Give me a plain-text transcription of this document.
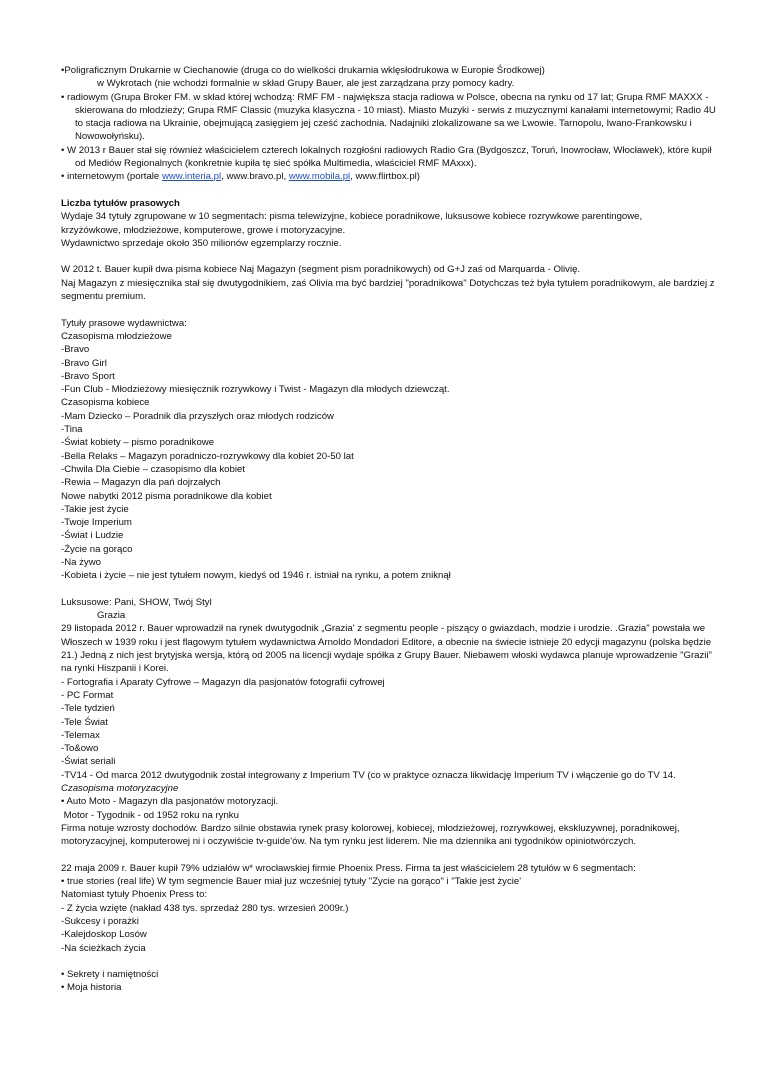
•Poligraficznym Drukarnie w Ciechanowie (druga co do wielkości drukarnia wklęsłodrukowa w Europie Środkowej)
w Wykrotach (nie wchodzi formalnie w skład Grupy Bauer, ale jest zarządzana przy pomocy kadry.
• radiowym (Grupa Broker FM. w skład której wchodzą: RMF FM - największa stacja radiowa w Polsce, obecna na rynku od 17 lat; Grupa RMF MAXXX - skierowana do młodzieży; Grupa RMF Classic (muzyka klasyczna - 10 miast). Miasto Muzyki - serwis z muzycznymi kanałami internetowymi; Radio 4U to stacja radiowa na Ukrainie, obejmującą zasięgiem jej cześć zachodnia. Nadajniki zlokalizowane sa we Lwowie. Tarnopolu, Iwano-Frankowsku i Nowowołyńsku).
• W 2013 r Bauer stał się również właścicielem czterech lokalnych rozgłośni radiowych Radio Gra (Bydgoszcz, Toruń, Inowrocław, Włocławek), które kupił od Mediów Regionalnych (konkretnie kupiła tę sieć spółka Multimedia, właściciel RMF MAxxx).
• internetowym (portale www.interia.pl, www.bravo.pl, www.mobila.pl, www.flirtbox.pl)
Liczba tytułów prasowych
Wydaje 34 tytuły zgrupowane w 10 segmentach: pisma telewizyjne, kobiece poradnikowe, luksusowe kobiece rozrywkowe parentingowe,
krzyżówkowe, młodzieżowe, komputerowe, growe i motoryzacyjne.
Wydawnictwo sprzedaje około 350 milionów egzemplarzy rocznie.
W 2012 t. Bauer kupił dwa pisma kobiece Naj Magazyn (segment pism poradnikowych) od G+J zaś od Marquarda - Olivię.
Naj Magazyn z miesięcznika stał się dwutygodnikiem, zaś Olivia ma być bardziej "poradnikowa" Dotychczas też była tytułem poradnikowym, ale bardziej z segmentu premium.
Tytuły prasowe wydawnictwa:
Czasopisma młodzieżowe
-Bravo
-Bravo Girl
-Bravo Sport
-Fun Club - Młodzieżowy miesięcznik rozrywkowy i Twist - Magazyn dla młodych dziewcząt.
Czasopisma kobiece
-Mam Dziecko – Poradnik dla przyszłych oraz młodych rodziców
-Tina
-Świat kobiety – pismo poradnikowe
-Bella Relaks – Magazyn poradniczo-rozrywkowy dla kobiet 20-50 lat
-Chwila Dla Ciebie – czasopismo dla kobiet
-Rewia – Magazyn dla pań dojrzałych
Nowe nabytki 2012 pisma poradnikowe dla kobiet
-Takie jest życie
-Twoje Imperium
-Świat i Ludzie
-Życie na gorąco
-Na żywo
-Kobieta i życie – nie jest tytułem nowym, kiedyś od 1946 r. istniał na rynku, a potem zniknął
Luksusowe: Pani, SHOW, Twój Styl
Grazia
29 listopada 2012 r. Bauer wprowadził na rynek dwutygodnik „Grazia' z segmentu people - piszący o gwiazdach, modzie i urodzie. .Grazia" powstała we Włoszech w 1939 roku i jest flagowym tytułem wydawnictwa Arnoldo Mondadori Editore, a obecnie na świecie istnieje 20 edycji magazynu (polska będzie 21.) Jedną z nich jest brytyjska wersja, którą od 2005 na licencji wydaje spółka z Grupy Bauer. Niebawem włoski wydawca planuje wprowadzenie "Grazii" na rynki Hiszpanii i Korei.
- Fortografia i Aparaty Cyfrowe – Magazyn dla pasjonatów fotografii cyfrowej
- PC Format
-Tele tydzień
-Tele Świat
-Telemax
-To&owo
-Świat seriali
-TV14 - Od marca 2012 dwutygodnik został integrowany z Imperium TV (co w praktyce oznacza likwidację Imperium TV i włączenie go do TV 14.
Czasopisma motoryzacyjne
• Auto Moto - Magazyn dla pasjonatów motoryzacji.
Motor - Tygodnik - od 1952 roku na rynku
Firma notuje wzrosty dochodów. Bardzo silnie obstawia rynek prasy kolorowej, kobiecej, młodzieżowej, rozrywkowej, ekskluzywnej, poradnikowej, motoryzacyjnej, komputerowej ni i oczywiście tv-guide'ów. Na tym rynku jest liderem. Nie ma dziennika ani tygodników opiniotwórczych.
22 maja 2009 r. Bauer kupił 79% udziałów w* wrocławskiej firmie Phoenix Press. Firma ta jest właścicielem 28 tytułów w 6 segmentach:
• true stories (real life) W tym segmencie Bauer miał juz wcześniej tytuły "Zycie na gorąco" i "Takie jest życie'
Natomiast tytuły Phoenix Press to:
- Z życia wzięte (nakład 438 tys. sprzedaż 280 tys. wrzesień 2009r.)
-Sukcesy i porażki
-Kalejdoskop Losów
-Na ścieżkach życia
• Sekrety i namiętności
• Moja historia
